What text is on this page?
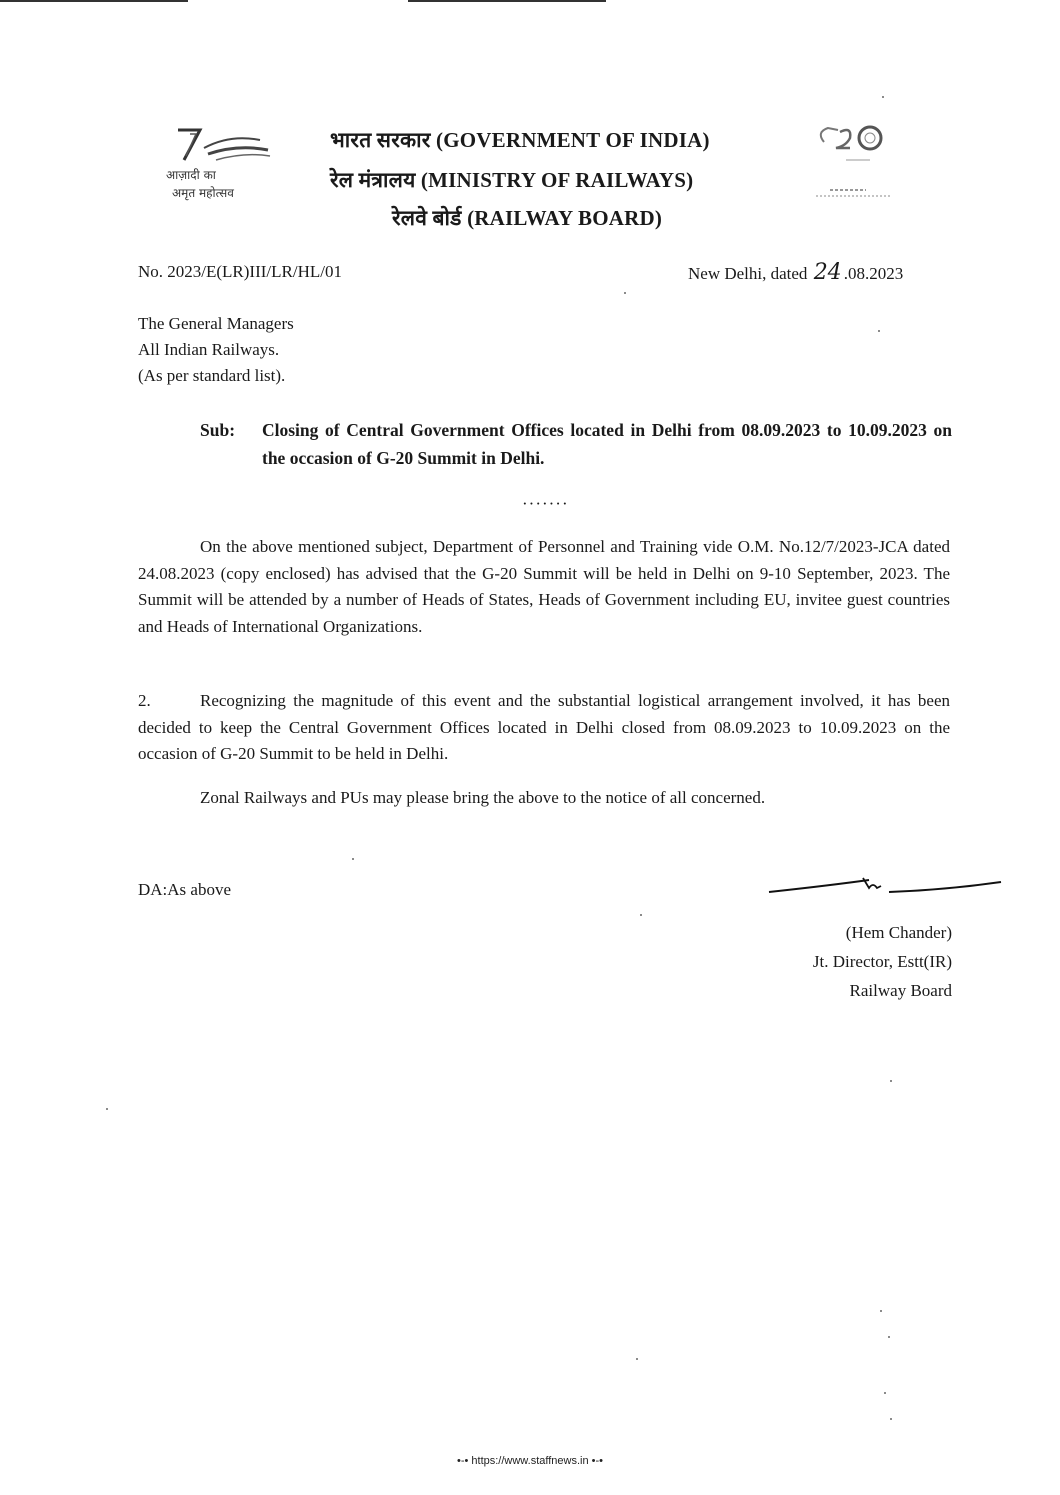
आज़ादी का
अमृत महोत्सव
भारत सरकार (GOVERNMENT OF INDIA)
रेल मंत्रालय (MINISTRY OF RAILWAYS)
रेलवे बोर्ड (RAILWAY BOARD)
No. 2023/E(LR)III/LR/HL/01	New Delhi, dated 24 .08.2023
The General Managers
All Indian Railways.
(As per standard list).
Sub: Closing of Central Government Offices located in Delhi from 08.09.2023 to 10.09.2023 on the occasion of G-20 Summit in Delhi.
·······
On the above mentioned subject, Department of Personnel and Training vide O.M. No.12/7/2023-JCA dated 24.08.2023 (copy enclosed) has advised that the G-20 Summit will be held in Delhi on 9-10 September, 2023. The Summit will be attended by a number of Heads of States, Heads of Government including EU, invitee guest countries and Heads of International Organizations.
2.	Recognizing the magnitude of this event and the substantial logistical arrangement involved, it has been decided to keep the Central Government Offices located in Delhi closed from 08.09.2023 to 10.09.2023 on the occasion of G-20 Summit to be held in Delhi.
Zonal Railways and PUs may please bring the above to the notice of all concerned.
DA:As above
(Hem Chander)
Jt. Director, Estt(IR)
Railway Board
•-• https://www.staffnews.in •-•
